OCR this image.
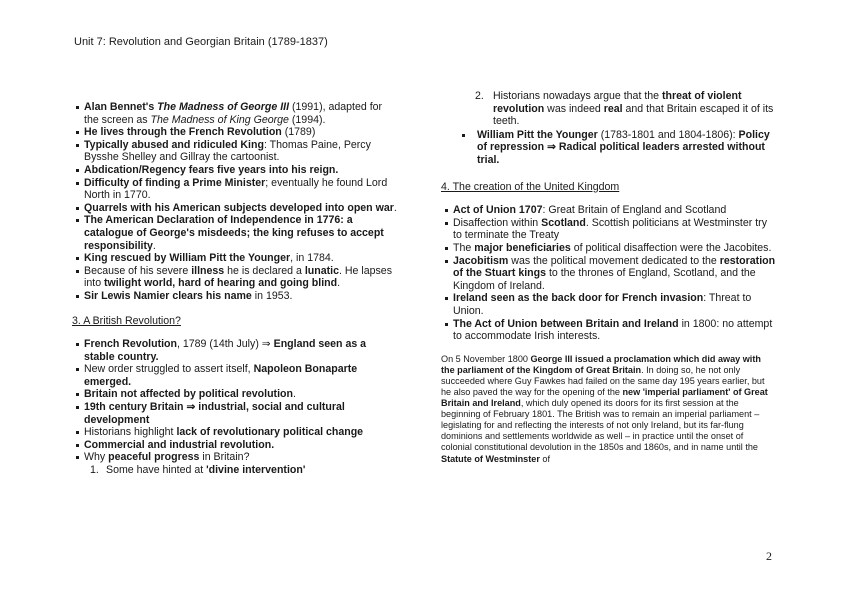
Unit 7: Revolution and Georgian Britain (1789-1837)
Alan Bennet's The Madness of George III (1991), adapted for the screen as The Madness of King George (1994).
He lives through the French Revolution (1789)
Typically abused and ridiculed King: Thomas Paine, Percy Bysshe Shelley and Gillray the cartoonist.
Abdication/Regency fears five years into his reign.
Difficulty of finding a Prime Minister; eventually he found Lord North in 1770.
Quarrels with his American subjects developed into open war.
The American Declaration of Independence in 1776: a catalogue of George's misdeeds; the king refuses to accept responsibility.
King rescued by William Pitt the Younger, in 1784.
Because of his severe illness he is declared a lunatic. He lapses into twilight world, hard of hearing and going blind.
Sir Lewis Namier clears his name in 1953.
3. A British Revolution?
French Revolution, 1789 (14th July) ⇒ England seen as a stable country.
New order struggled to assert itself, Napoleon Bonaparte emerged.
Britain not affected by political revolution.
19th century Britain ⇒ industrial, social and cultural development
Historians highlight lack of revolutionary political change
Commercial and industrial revolution.
Why peaceful progress in Britain?
1. Some have hinted at 'divine intervention'
2. Historians nowadays argue that the threat of violent revolution was indeed real and that Britain escaped it of its teeth.
William Pitt the Younger (1783-1801 and 1804-1806): Policy of repression ⇒ Radical political leaders arrested without trial.
4. The creation of the United Kingdom
Act of Union 1707: Great Britain of England and Scotland
Disaffection within Scotland. Scottish politicians at Westminster try to terminate the Treaty
The major beneficiaries of political disaffection were the Jacobites.
Jacobitism was the political movement dedicated to the restoration of the Stuart kings to the thrones of England, Scotland, and the Kingdom of Ireland.
Ireland seen as the back door for French invasion: Threat to Union.
The Act of Union between Britain and Ireland in 1800: no attempt to accommodate Irish interests.
On 5 November 1800 George III issued a proclamation which did away with the parliament of the Kingdom of Great Britain. In doing so, he not only succeeded where Guy Fawkes had failed on the same day 195 years earlier, but he also paved the way for the opening of the new 'imperial parliament' of Great Britain and Ireland, which duly opened its doors for its first session at the beginning of February 1801. The British was to remain an imperial parliament – legislating for and reflecting the interests of not only Ireland, but its far-flung dominions and settlements worldwide as well – in practice until the onset of colonial constitutional devolution in the 1850s and 1860s, and in name until the Statute of Westminster of
2
